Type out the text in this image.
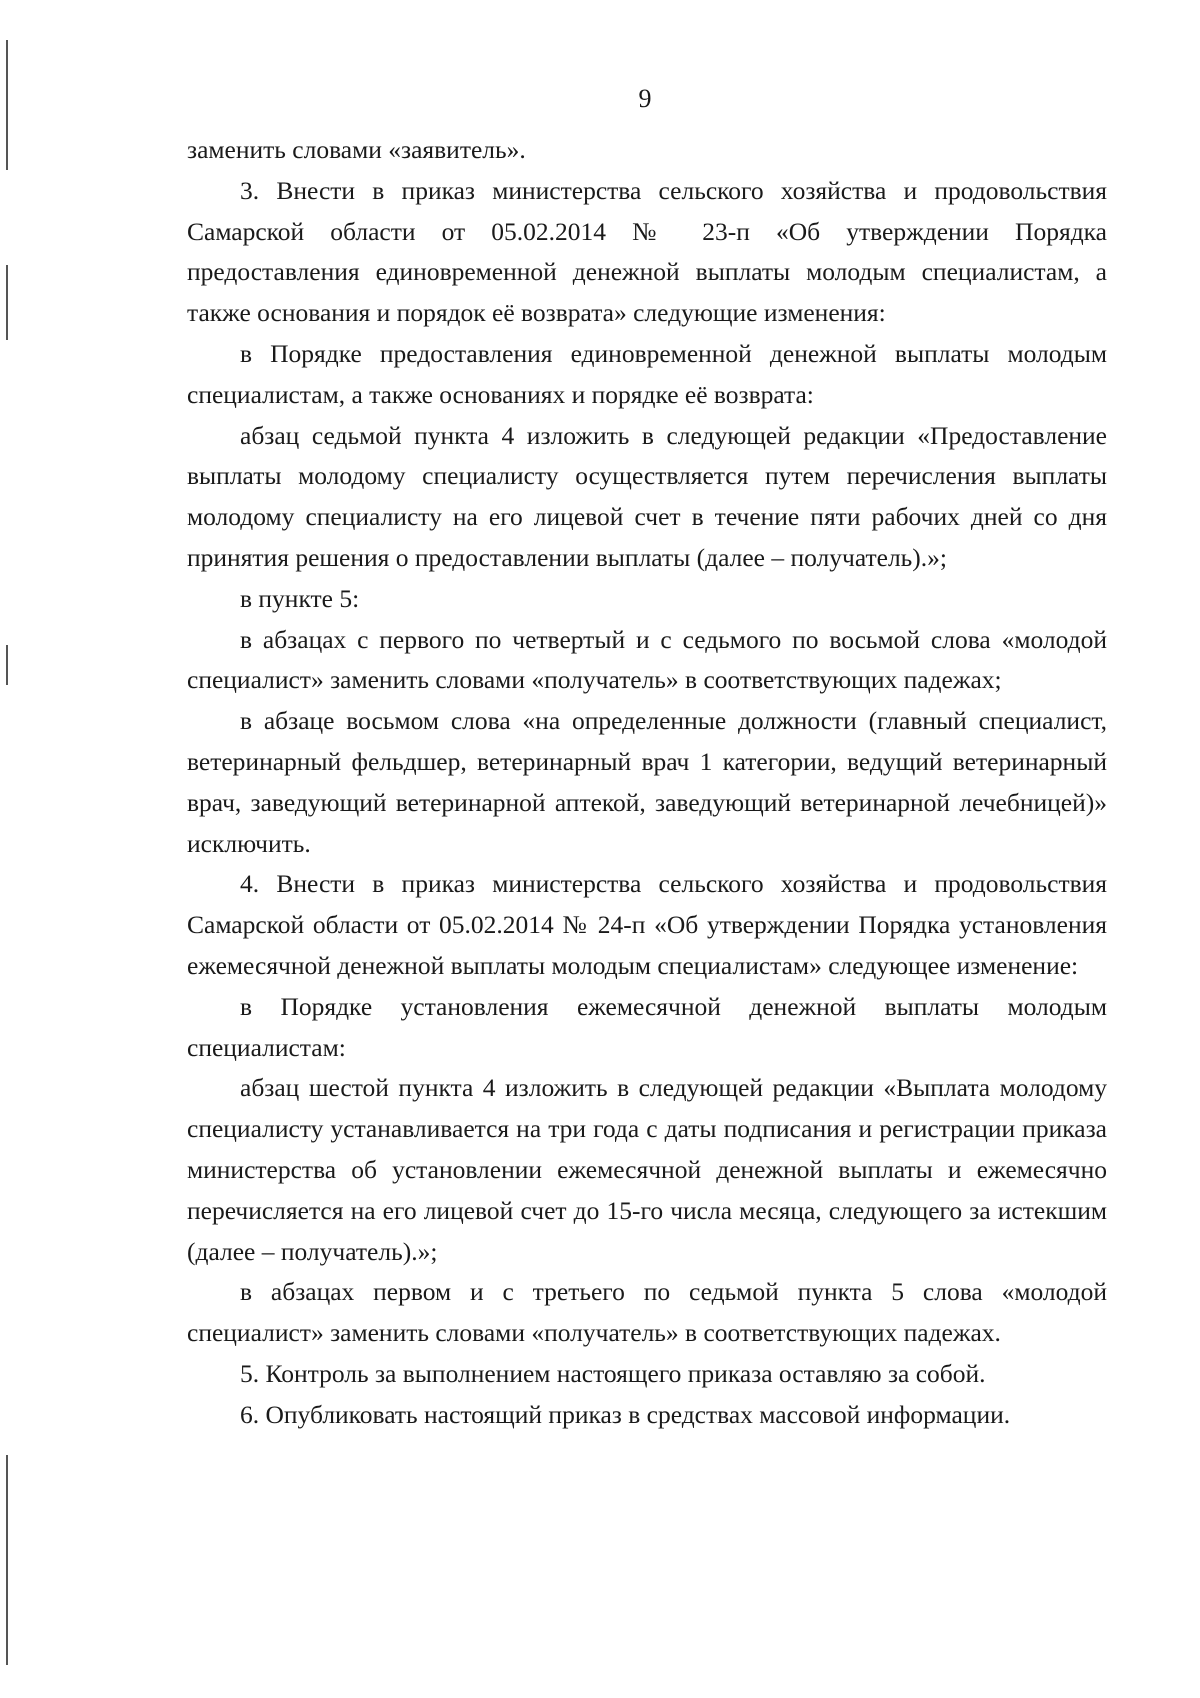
9

заменить словами «заявитель».

3. Внести в приказ министерства сельского хозяйства и продовольствия Самарской области от 05.02.2014 № 23-п «Об утверждении Порядка предоставления единовременной денежной выплаты молодым специалистам, а также основания и порядок её возврата» следующие изменения:

в Порядке предоставления единовременной денежной выплаты молодым специалистам, а также основаниях и порядке её возврата:

абзац седьмой пункта 4 изложить в следующей редакции «Предоставление выплаты молодому специалисту осуществляется путем перечисления выплаты молодому специалисту на его лицевой счет в течение пяти рабочих дней со дня принятия решения о предоставлении выплаты (далее – получатель).»;

в пункте 5:

в абзацах с первого по четвертый и с седьмого по восьмой слова «молодой специалист» заменить словами «получатель» в соответствующих падежах;

в абзаце восьмом слова «на определенные должности (главный специалист, ветеринарный фельдшер, ветеринарный врач 1 категории, ведущий ветеринарный врач, заведующий ветеринарной аптекой, заведующий ветеринарной лечебницей)» исключить.

4. Внести в приказ министерства сельского хозяйства и продовольствия Самарской области от 05.02.2014 № 24-п «Об утверждении Порядка установления ежемесячной денежной выплаты молодым специалистам» следующее изменение:

в Порядке установления ежемесячной денежной выплаты молодым специалистам:

абзац шестой пункта 4 изложить в следующей редакции «Выплата молодому специалисту устанавливается на три года с даты подписания и регистрации приказа министерства об установлении ежемесячной денежной выплаты и ежемесячно перечисляется на его лицевой счет до 15-го числа месяца, следующего за истекшим (далее – получатель).»;

в абзацах первом и с третьего по седьмой пункта 5 слова «молодой специалист» заменить словами «получатель» в соответствующих падежах.

5. Контроль за выполнением настоящего приказа оставляю за собой.

6. Опубликовать настоящий приказ в средствах массовой информации.
